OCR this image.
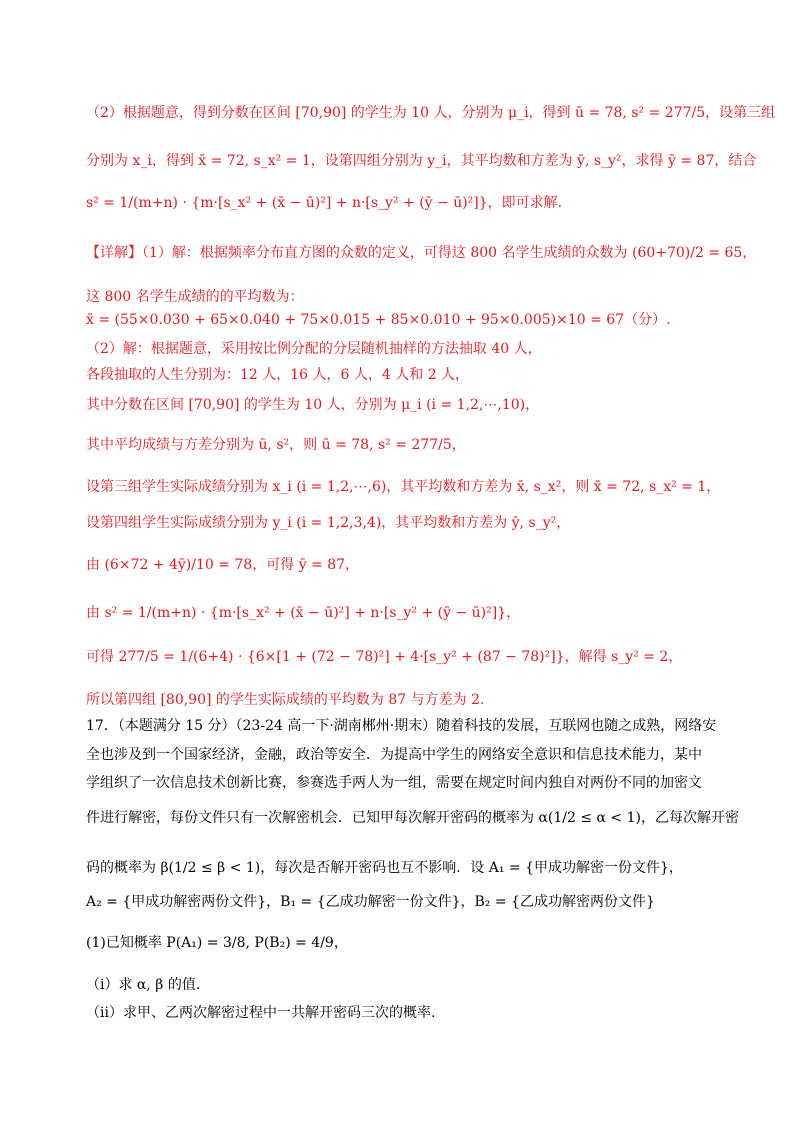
（2）根据题意，得到分数在区间 [70,90] 的学生为 10 人，分别为 μ_i，得到 ū = 78, s² = 277/5，设第三组
分别为 x_i，得到 x̄ = 72, s_x² = 1，设第四组分别为 y_i，其平均数和方差为 ȳ, s_y²，求得 ȳ = 87，结合
s² = 1/(m+n) · {m·[s_x² + (x̄ − ū)²] + n·[s_y² + (ȳ − ū)²]}，即可求解.
【详解】（1）解：根据频率分布直方图的众数的定义，可得这 800 名学生成绩的众数为 (60+70)/2 = 65，
这 800 名学生成绩的的平均数为：
x̄ = (55×0.030 + 65×0.040 + 75×0.015 + 85×0.010 + 95×0.005)×10 = 67（分）.
（2）解：根据题意，采用按比例分配的分层随机抽样的方法抽取 40 人，
各段抽取的人生分别为：12 人，16 人，6 人，4 人和 2 人，
其中分数在区间 [70,90] 的学生为 10 人，分别为 μ_i (i = 1,2,⋯,10)，
其中平均成绩与方差分别为 ū, s²，则 ū = 78, s² = 277/5，
设第三组学生实际成绩分别为 x_i (i = 1,2,⋯,6)，其平均数和方差为 x̄, s_x²，则 x̄ = 72, s_x² = 1，
设第四组学生实际成绩分别为 y_i (i = 1,2,3,4)，其平均数和方差为 ȳ, s_y²，
由 (6×72 + 4ȳ)/10 = 78，可得 ȳ = 87，
由 s² = 1/(m+n) · {m·[s_x² + (x̄ − ū)²] + n·[s_y² + (ȳ − ū)²]}，
可得 277/5 = 1/(6+4) · {6×[1 + (72 − 78)²] + 4·[s_y² + (87 − 78)²]}，解得 s_y² = 2，
所以第四组 [80,90] 的学生实际成绩的平均数为 87 与方差为 2.
17．（本题满分 15 分）（23-24 高一下·湖南郴州·期末）随着科技的发展，互联网也随之成熟，网络安
全也涉及到一个国家经济，金融，政治等安全．为提高中学生的网络安全意识和信息技术能力，某中
学组织了一次信息技术创新比赛，参赛选手两人为一组，需要在规定时间内独自对两份不同的加密文
件进行解密，每份文件只有一次解密机会．已知甲每次解开密码的概率为 α(1/2 ≤ α < 1)，乙每次解开密
码的概率为 β(1/2 ≤ β < 1)，每次是否解开密码也互不影响．设 A₁ = {甲成功解密一份文件}，
A₂ = {甲成功解密两份文件}，B₁ = {乙成功解密一份文件}，B₂ = {乙成功解密两份文件}
(1)已知概率 P(A₁) = 3/8, P(B₂) = 4/9，
（i）求 α, β 的值.
（ii）求甲、乙两次解密过程中一共解开密码三次的概率.
